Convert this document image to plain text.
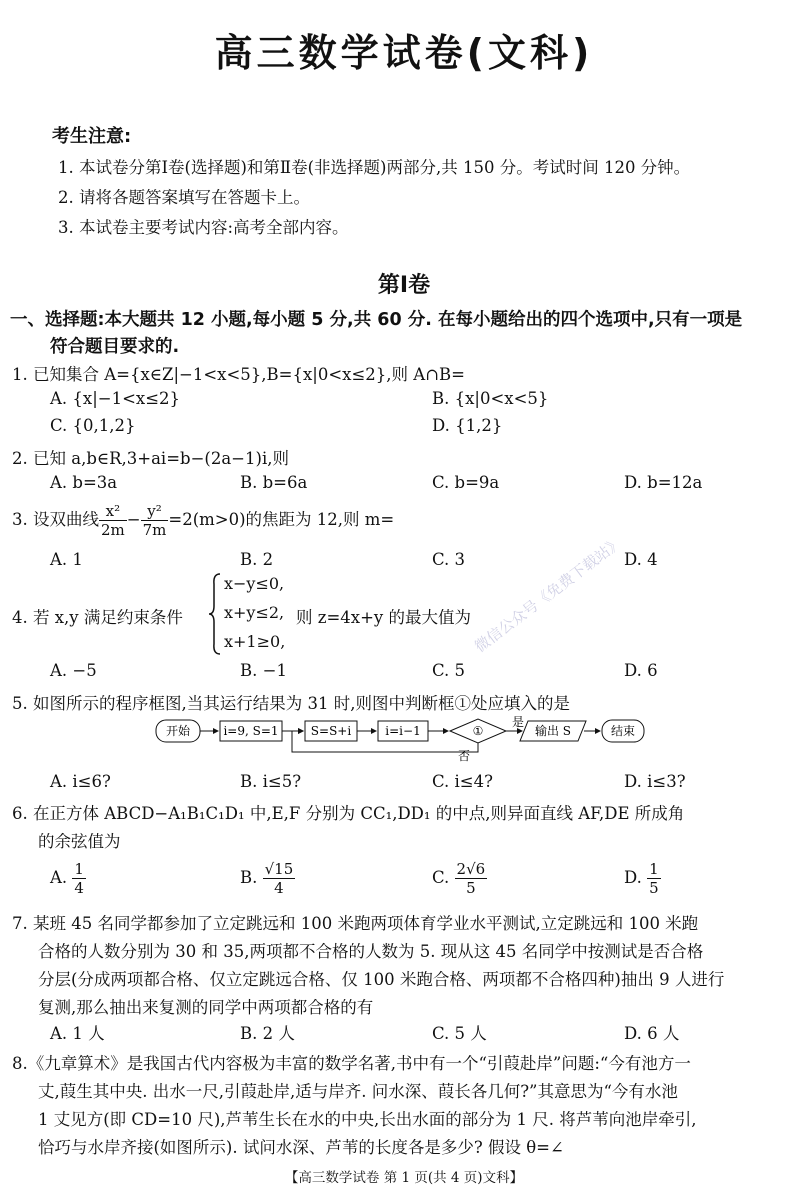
高三数学试卷(文科)
考生注意:
1. 本试卷分第Ⅰ卷(选择题)和第Ⅱ卷(非选择题)两部分,共 150 分。考试时间 120 分钟。
2. 请将各题答案填写在答题卡上。
3. 本试卷主要考试内容:高考全部内容。
第Ⅰ卷
一、选择题:本大题共 12 小题,每小题 5 分,共 60 分. 在每小题给出的四个选项中,只有一项是
符合题目要求的.
1. 已知集合 A={x∈Z|−1<x<5},B={x|0<x≤2},则 A∩B=
A. {x|−1<x≤2}	B. {x|0<x<5}
C. {0,1,2}	D. {1,2}
2. 已知 a,b∈R,3+ai=b−(2a−1)i,则
A. b=3a	B. b=6a	C. b=9a	D. b=12a
3. 设双曲线 $\frac{\text{x²}}{2m} - \frac{\text{y²}}{7m} =2(m>0)$的焦距为 12,则 m=
A. 1	B. 2	C. 3	D. 4
4. 若 x,y 满足约束条件
x−y≤0,
x+y≤2,
x+1≥0,
则 z=4x+y 的最大值为
A. −5	B. −1	C. 5	D. 6
5. 如图所示的程序框图,当其运行结果为 31 时,则图中判断框①处应填入的是
开始	i=9, S=1	S=S+i	i=i−1	①
是
输出 S	结束
否
A. i≤6?	B. i≤5?	C. i≤4?	D. i≤3?
6. 在正方体 ABCD−A₁B₁C₁D₁ 中,E,F 分别为 CC₁,DD₁ 的中点,则异面直线 AF,DE 所成角
的余弦值为
A. $\frac{1}{4}$	B. $\frac{√15}{4}$	C. $\frac{2√6}{5}$	D. $\frac{1}{5}$
7. 某班 45 名同学都参加了立定跳远和 100 米跑两项体育学业水平测试,立定跳远和 100 米跑
合格的人数分别为 30 和 35,两项都不合格的人数为 5. 现从这 45 名同学中按测试是否合格
分层(分成两项都合格、仅立定跳远合格、仅 100 米跑合格、两项都不合格四种)抽出 9 人进行
复测,那么抽出来复测的同学中两项都合格的有
A. 1 人	B. 2 人	C. 5 人	D. 6 人
8.《九章算术》是我国古代内容极为丰富的数学名著,书中有一个“引葭赴岸”问题:“今有池方一
丈,葭生其中央. 出水一尺,引葭赴岸,适与岸齐. 问水深、葭长各几何?”其意思为“今有水池
1 丈见方(即 CD=10 尺),芦苇生长在水的中央,长出水面的部分为 1 尺. 将芦苇向池岸牵引,
恰巧与水岸齐接(如图所示). 试问水深、芦苇的长度各是多少? 假设 θ=∠
微信公众号《免费下载站》
【高三数学试卷 第 1 页(共 4 页)文科】
